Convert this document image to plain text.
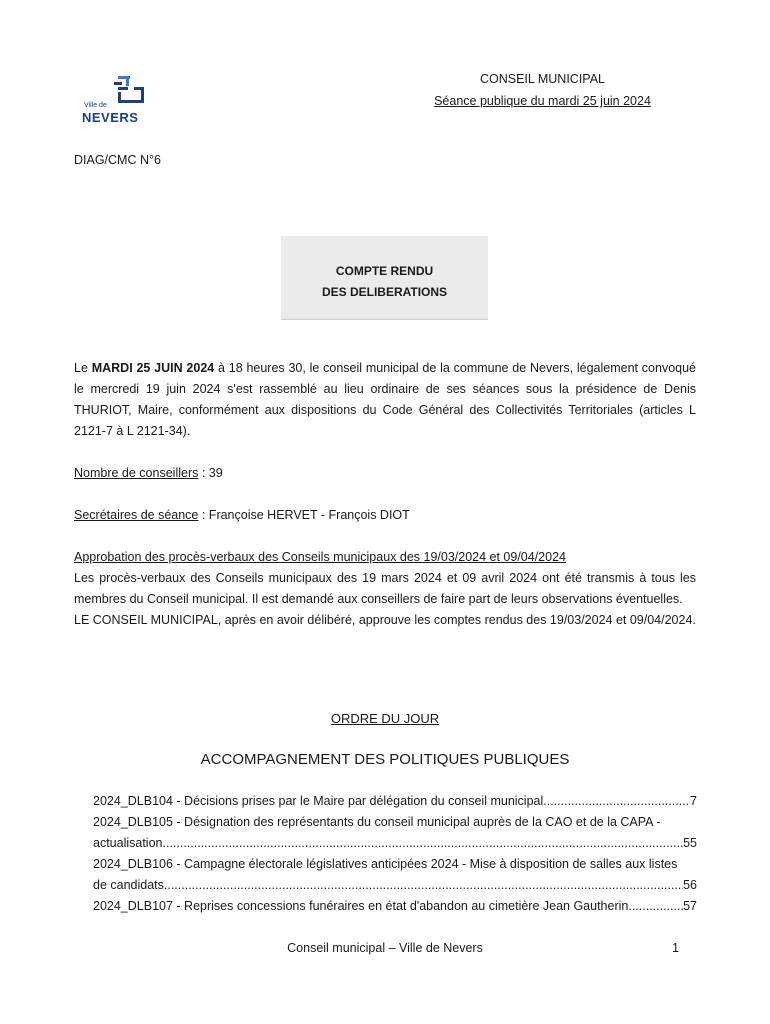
Ville de
NEVERS
CONSEIL MUNICIPAL
Séance publique du mardi 25 juin 2024
DIAG/CMC N°6
COMPTE RENDU
DES DELIBERATIONS
Le MARDI 25 JUIN 2024 à 18 heures 30, le conseil municipal de la commune de Nevers, légalement convoqué le mercredi 19 juin 2024 s'est rassemblé au lieu ordinaire de ses séances sous la présidence de Denis THURIOT, Maire, conformément aux dispositions du Code Général des Collectivités Territoriales (articles L 2121-7 à L 2121-34).
Nombre de conseillers : 39
Secrétaires de séance : Françoise HERVET - François DIOT
Approbation des procès-verbaux des Conseils municipaux des 19/03/2024 et 09/04/2024
Les procès-verbaux des Conseils municipaux des 19 mars 2024 et 09 avril 2024 ont été transmis à tous les membres du Conseil municipal. Il est demandé aux conseillers de faire part de leurs observations éventuelles.
LE CONSEIL MUNICIPAL, après en avoir délibéré, approuve les comptes rendus des 19/03/2024 et 09/04/2024.
ORDRE DU JOUR
ACCOMPAGNEMENT DES POLITIQUES PUBLIQUES
2024_DLB104 - Décisions prises par le Maire par délégation du conseil municipal .....	7
2024_DLB105 - Désignation des représentants du conseil municipal auprès de la CAO et de la CAPA -
actualisation .....	55
2024_DLB106 - Campagne électorale législatives anticipées 2024 - Mise à disposition de salles aux listes
de candidats .....	56
2024_DLB107 - Reprises concessions funéraires en état d'abandon au cimetière Jean Gautherin .....	57
Conseil municipal – Ville de Nevers	1
